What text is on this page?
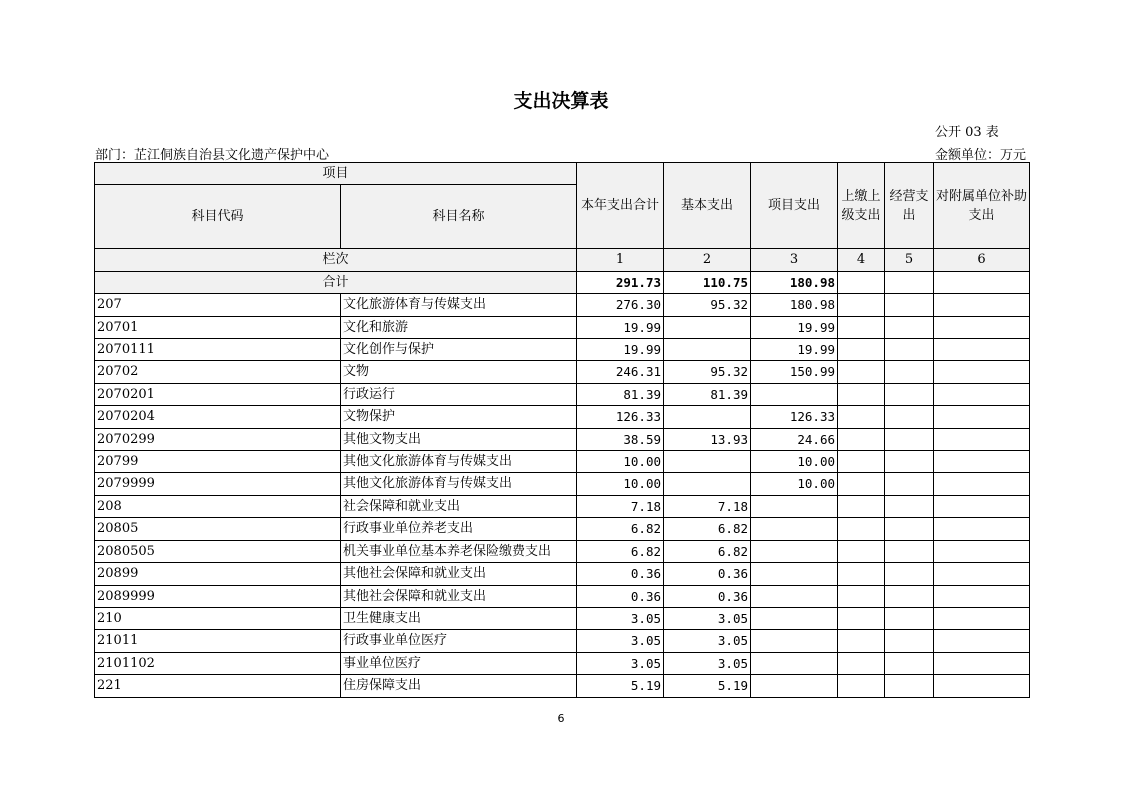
支出决算表
公开 03 表
部门：芷江侗族自治县文化遗产保护中心	金额单位：万元
项目		本年支出合计	基本支出	项目支出	上缴上级支出	经营支出	对附属单位补助支出
科目代码	科目名称						
栏次		1	2	3	4	5	6
合计		291.73	110.75	180.98			
207	文化旅游体育与传媒支出	276.30	95.32	180.98			
20701	文化和旅游	19.99		19.99			
2070111	文化创作与保护	19.99		19.99			
20702	文物	246.31	95.32	150.99			
2070201	行政运行	81.39	81.39				
2070204	文物保护	126.33		126.33			
2070299	其他文物支出	38.59	13.93	24.66			
20799	其他文化旅游体育与传媒支出	10.00		10.00			
2079999	其他文化旅游体育与传媒支出	10.00		10.00			
208	社会保障和就业支出	7.18	7.18				
20805	行政事业单位养老支出	6.82	6.82				
2080505	机关事业单位基本养老保险缴费支出	6.82	6.82				
20899	其他社会保障和就业支出	0.36	0.36				
2089999	其他社会保障和就业支出	0.36	0.36				
210	卫生健康支出	3.05	3.05				
21011	行政事业单位医疗	3.05	3.05				
2101102	事业单位医疗	3.05	3.05				
221	住房保障支出	5.19	5.19				
6
